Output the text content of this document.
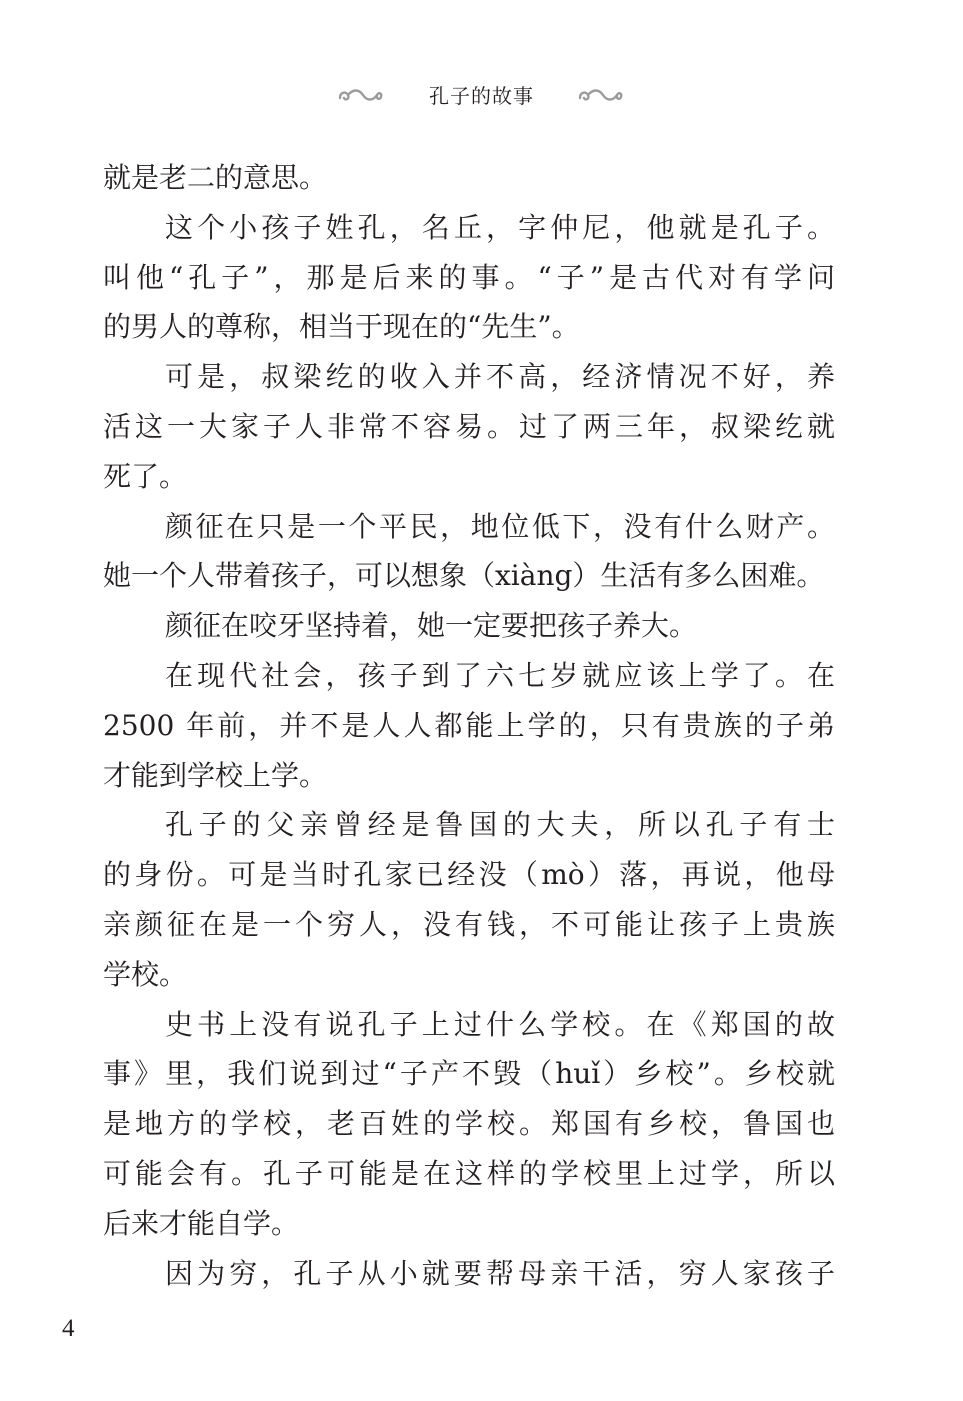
孔子的故事
就是老二的意思。
这个小孩子姓孔，名丘，字仲尼，他就是孔子。
叫他“孔子”，那是后来的事。“子”是古代对有学问
的男人的尊称，相当于现在的“先生”。
可是，叔梁纥的收入并不高，经济情况不好，养
活这一大家子人非常不容易。过了两三年，叔梁纥就
死了。
颜征在只是一个平民，地位低下，没有什么财产。
她一个人带着孩子，可以想象（xiàng）生活有多么困难。
颜征在咬牙坚持着，她一定要把孩子养大。
在现代社会，孩子到了六七岁就应该上学了。在
2500 年前，并不是人人都能上学的，只有贵族的子弟
才能到学校上学。
孔子的父亲曾经是鲁国的大夫，所以孔子有士
的身份。可是当时孔家已经没（mò）落，再说，他母
亲颜征在是一个穷人，没有钱，不可能让孩子上贵族
学校。
史书上没有说孔子上过什么学校。在《郑国的故
事》里，我们说到过“子产不毁（huǐ）乡校”。乡校就
是地方的学校，老百姓的学校。郑国有乡校，鲁国也
可能会有。孔子可能是在这样的学校里上过学，所以
后来才能自学。
因为穷，孔子从小就要帮母亲干活，穷人家孩子
4
